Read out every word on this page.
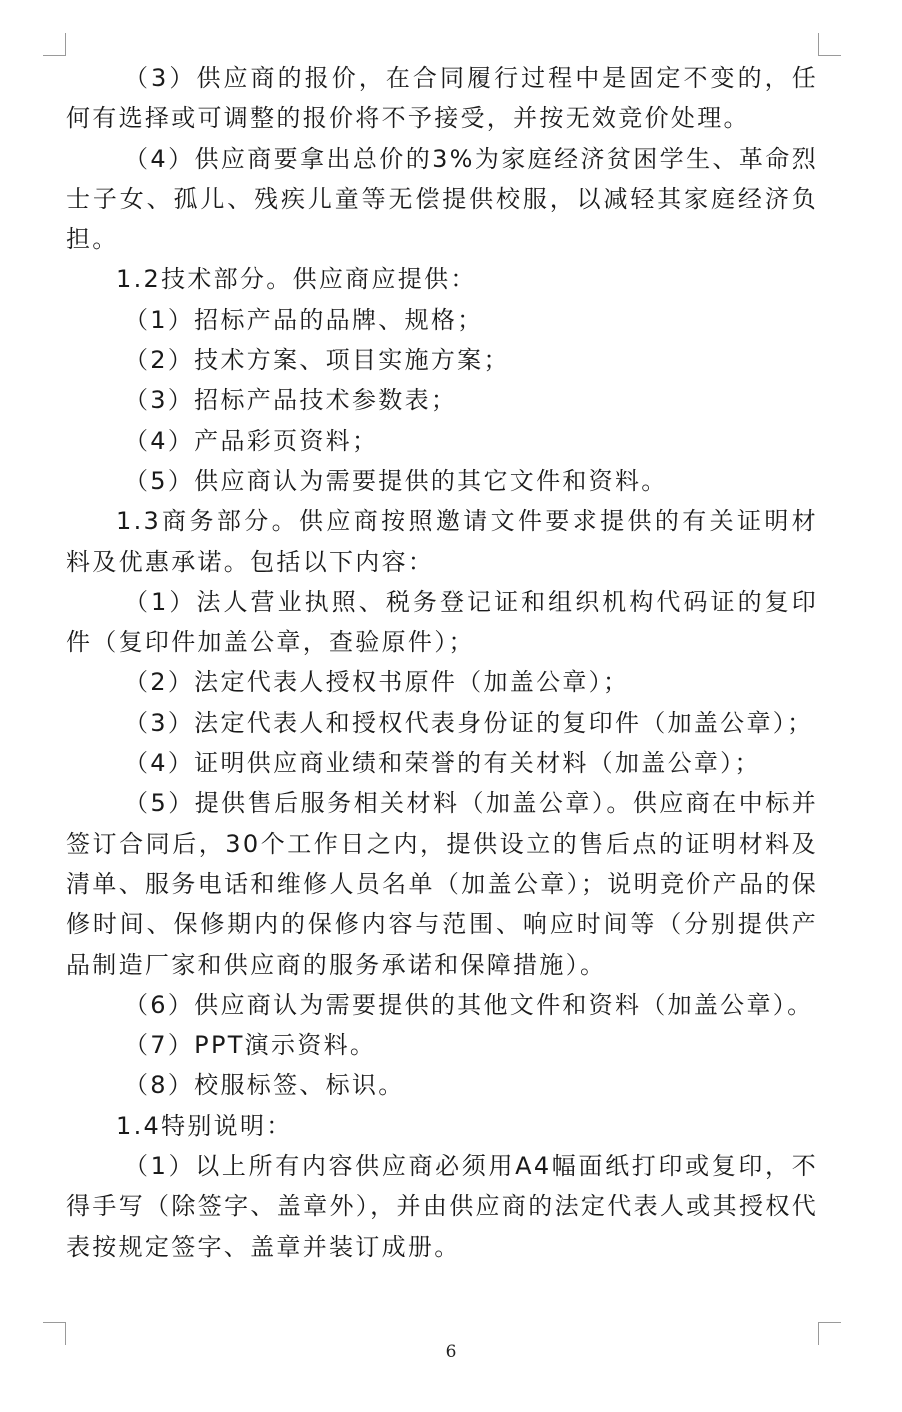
（3）供应商的报价，在合同履行过程中是固定不变的，任何有选择或可调整的报价将不予接受，并按无效竞价处理。

（4）供应商要拿出总价的3%为家庭经济贫困学生、革命烈士子女、孤儿、残疾儿童等无偿提供校服，以减轻其家庭经济负担。

1.2技术部分。供应商应提供：

（1）招标产品的品牌、规格；

（2）技术方案、项目实施方案；

（3）招标产品技术参数表；

（4）产品彩页资料；

（5）供应商认为需要提供的其它文件和资料。

1.3商务部分。供应商按照邀请文件要求提供的有关证明材料及优惠承诺。包括以下内容：

（1）法人营业执照、税务登记证和组织机构代码证的复印件（复印件加盖公章，查验原件）；

（2）法定代表人授权书原件（加盖公章）；

（3）法定代表人和授权代表身份证的复印件（加盖公章）；

（4）证明供应商业绩和荣誉的有关材料（加盖公章）；

（5）提供售后服务相关材料（加盖公章）。供应商在中标并签订合同后，30个工作日之内，提供设立的售后点的证明材料及清单、服务电话和维修人员名单（加盖公章）；说明竞价产品的保修时间、保修期内的保修内容与范围、响应时间等（分别提供产品制造厂家和供应商的服务承诺和保障措施）。

（6）供应商认为需要提供的其他文件和资料（加盖公章）。

（7）PPT演示资料。

（8）校服标签、标识。

1.4特别说明：

（1）以上所有内容供应商必须用A4幅面纸打印或复印，不得手写（除签字、盖章外），并由供应商的法定代表人或其授权代表按规定签字、盖章并装订成册。

6
